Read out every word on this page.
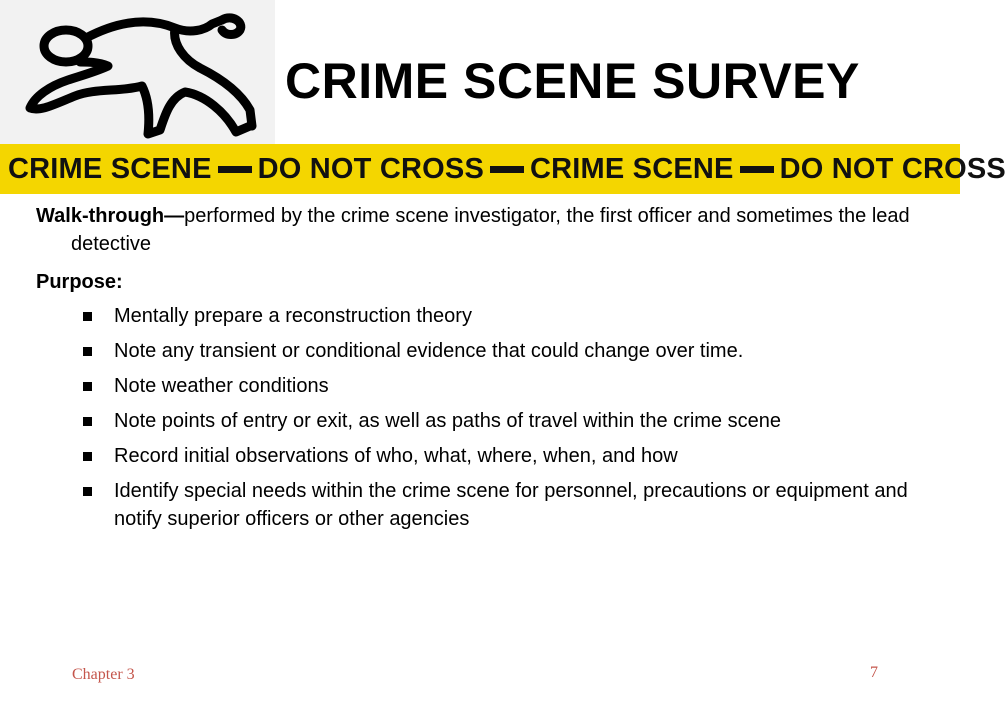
CRIME SCENE SURVEY
CRIME SCENE DO NOT CROSS CRIME SCENE DO NOT CROSS
Walk-through—performed by the crime scene investigator, the first officer and sometimes the lead detective
Purpose:
Mentally prepare a reconstruction theory
Note any transient or conditional evidence that could change over time.
Note weather conditions
Note points of entry or exit, as well as paths of travel within the crime scene
Record initial observations of who, what, where, when, and how
Identify special needs within the crime scene for personnel, precautions or equipment and notify superior officers or other agencies
Chapter 3	7
